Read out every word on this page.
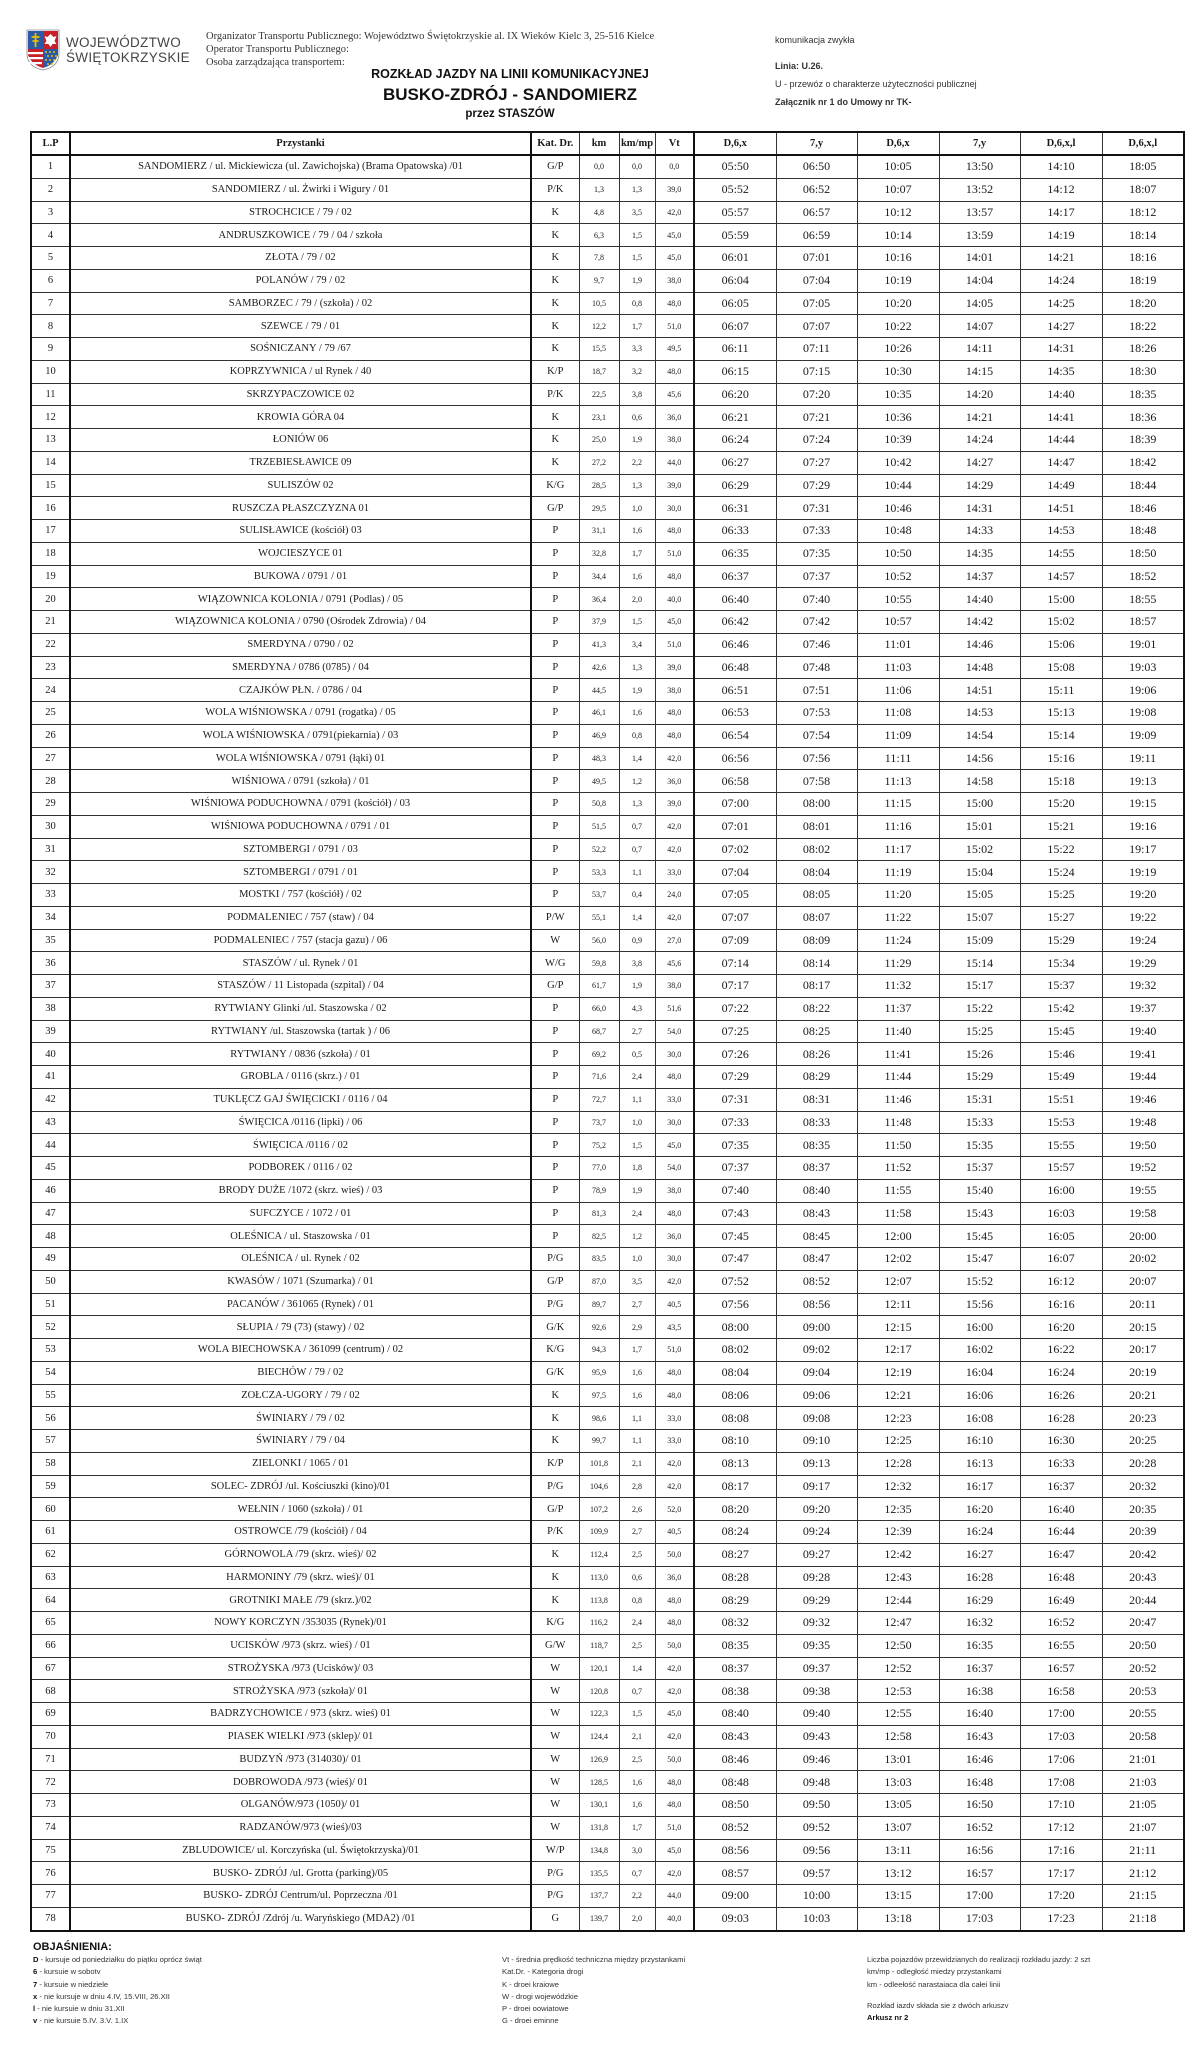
WOJEWÓDZTWO
ŚWIĘTOKRZYSKIE
Organizator Transportu Publicznego: Województwo Świętokrzyskie al. IX Wieków Kielc 3, 25-516 Kielce
Operator Transportu Publicznego:
Osoba zarządzająca transportem:
ROZKŁAD JAZDY NA LINII KOMUNIKACYJNEJ
BUSKO-ZDRÓJ - SANDOMIERZ
przez STASZÓW
komunikacja zwykła
Linia: U.26.
U - przewóz o charakterze użyteczności publicznej
Załącznik nr 1 do Umowy nr TK-
L.P	Przystanki	Kat. Dr.	km	km/mp	Vt	D,6,x	7,y	D,6,x	7,y	D,6,x,l	D,6,x,l
1	SANDOMIERZ / ul. Mickiewicza (ul. Zawichojska) (Brama Opatowska) /01	G/P	0,0	0,0	0,0	05:50	06:50	10:05	13:50	14:10	18:05
2	SANDOMIERZ / ul. Żwirki i Wigury / 01	P/K	1,3	1,3	39,0	05:52	06:52	10:07	13:52	14:12	18:07
3	STROCHCICE / 79 / 02	K	4,8	3,5	42,0	05:57	06:57	10:12	13:57	14:17	18:12
4	ANDRUSZKOWICE / 79 / 04 / szkoła	K	6,3	1,5	45,0	05:59	06:59	10:14	13:59	14:19	18:14
5	ZŁOTA / 79 / 02	K	7,8	1,5	45,0	06:01	07:01	10:16	14:01	14:21	18:16
6	POLANÓW / 79 / 02	K	9,7	1,9	38,0	06:04	07:04	10:19	14:04	14:24	18:19
7	SAMBORZEC / 79 / (szkoła) / 02	K	10,5	0,8	48,0	06:05	07:05	10:20	14:05	14:25	18:20
8	SZEWCE / 79 / 01	K	12,2	1,7	51,0	06:07	07:07	10:22	14:07	14:27	18:22
9	SOŚNICZANY / 79 /67	K	15,5	3,3	49,5	06:11	07:11	10:26	14:11	14:31	18:26
10	KOPRZYWNICA / ul Rynek / 40	K/P	18,7	3,2	48,0	06:15	07:15	10:30	14:15	14:35	18:30
11	SKRZYPACZOWICE 02	P/K	22,5	3,8	45,6	06:20	07:20	10:35	14:20	14:40	18:35
12	KROWIA GÓRA 04	K	23,1	0,6	36,0	06:21	07:21	10:36	14:21	14:41	18:36
13	ŁONIÓW 06	K	25,0	1,9	38,0	06:24	07:24	10:39	14:24	14:44	18:39
14	TRZEBIESŁAWICE 09	K	27,2	2,2	44,0	06:27	07:27	10:42	14:27	14:47	18:42
15	SULISZÓW 02	K/G	28,5	1,3	39,0	06:29	07:29	10:44	14:29	14:49	18:44
16	RUSZCZA PŁASZCZYZNA 01	G/P	29,5	1,0	30,0	06:31	07:31	10:46	14:31	14:51	18:46
17	SULISŁAWICE (kościół) 03	P	31,1	1,6	48,0	06:33	07:33	10:48	14:33	14:53	18:48
18	WOJCIESZYCE 01	P	32,8	1,7	51,0	06:35	07:35	10:50	14:35	14:55	18:50
19	BUKOWA / 0791 / 01	P	34,4	1,6	48,0	06:37	07:37	10:52	14:37	14:57	18:52
20	WIĄZOWNICA KOLONIA / 0791 (Podlas) / 05	P	36,4	2,0	40,0	06:40	07:40	10:55	14:40	15:00	18:55
21	WIĄZOWNICA KOLONIA / 0790 (Ośrodek Zdrowia) / 04	P	37,9	1,5	45,0	06:42	07:42	10:57	14:42	15:02	18:57
22	SMERDYNA / 0790 / 02	P	41,3	3,4	51,0	06:46	07:46	11:01	14:46	15:06	19:01
23	SMERDYNA / 0786 (0785) / 04	P	42,6	1,3	39,0	06:48	07:48	11:03	14:48	15:08	19:03
24	CZAJKÓW PŁN. / 0786 / 04	P	44,5	1,9	38,0	06:51	07:51	11:06	14:51	15:11	19:06
25	WOLA WIŚNIOWSKA / 0791 (rogatka) / 05	P	46,1	1,6	48,0	06:53	07:53	11:08	14:53	15:13	19:08
26	WOLA WIŚNIOWSKA / 0791(piekarnia) / 03	P	46,9	0,8	48,0	06:54	07:54	11:09	14:54	15:14	19:09
27	WOLA WIŚNIOWSKA / 0791 (łąki) 01	P	48,3	1,4	42,0	06:56	07:56	11:11	14:56	15:16	19:11
28	WIŚNIOWA / 0791 (szkoła) / 01	P	49,5	1,2	36,0	06:58	07:58	11:13	14:58	15:18	19:13
29	WIŚNIOWA PODUCHOWNA / 0791 (kościół) / 03	P	50,8	1,3	39,0	07:00	08:00	11:15	15:00	15:20	19:15
30	WIŚNIOWA PODUCHOWNA / 0791 / 01	P	51,5	0,7	42,0	07:01	08:01	11:16	15:01	15:21	19:16
31	SZTOMBERGI / 0791 / 03	P	52,2	0,7	42,0	07:02	08:02	11:17	15:02	15:22	19:17
32	SZTOMBERGI / 0791 / 01	P	53,3	1,1	33,0	07:04	08:04	11:19	15:04	15:24	19:19
33	MOSTKI / 757 (kościół) / 02	P	53,7	0,4	24,0	07:05	08:05	11:20	15:05	15:25	19:20
34	PODMALENIEC / 757 (staw) / 04	P/W	55,1	1,4	42,0	07:07	08:07	11:22	15:07	15:27	19:22
35	PODMALENIEC / 757 (stacja gazu) / 06	W	56,0	0,9	27,0	07:09	08:09	11:24	15:09	15:29	19:24
36	STASZÓW / ul. Rynek / 01	W/G	59,8	3,8	45,6	07:14	08:14	11:29	15:14	15:34	19:29
37	STASZÓW / 11 Listopada (szpital) / 04	G/P	61,7	1,9	38,0	07:17	08:17	11:32	15:17	15:37	19:32
38	RYTWIANY Glinki /ul. Staszowska / 02	P	66,0	4,3	51,6	07:22	08:22	11:37	15:22	15:42	19:37
39	RYTWIANY /ul. Staszowska (tartak ) / 06	P	68,7	2,7	54,0	07:25	08:25	11:40	15:25	15:45	19:40
40	RYTWIANY / 0836 (szkoła) / 01	P	69,2	0,5	30,0	07:26	08:26	11:41	15:26	15:46	19:41
41	GROBLA / 0116 (skrz.) / 01	P	71,6	2,4	48,0	07:29	08:29	11:44	15:29	15:49	19:44
42	TUKLĘCZ GAJ ŚWIĘCICKI / 0116 / 04	P	72,7	1,1	33,0	07:31	08:31	11:46	15:31	15:51	19:46
43	ŚWIĘCICA /0116 (lipki) / 06	P	73,7	1,0	30,0	07:33	08:33	11:48	15:33	15:53	19:48
44	ŚWIĘCICA /0116 / 02	P	75,2	1,5	45,0	07:35	08:35	11:50	15:35	15:55	19:50
45	PODBOREK / 0116 / 02	P	77,0	1,8	54,0	07:37	08:37	11:52	15:37	15:57	19:52
46	BRODY DUŻE /1072 (skrz. wieś) / 03	P	78,9	1,9	38,0	07:40	08:40	11:55	15:40	16:00	19:55
47	SUFCZYCE / 1072 / 01	P	81,3	2,4	48,0	07:43	08:43	11:58	15:43	16:03	19:58
48	OLEŚNICA / ul. Staszowska / 01	P	82,5	1,2	36,0	07:45	08:45	12:00	15:45	16:05	20:00
49	OLEŚNICA / ul. Rynek / 02	P/G	83,5	1,0	30,0	07:47	08:47	12:02	15:47	16:07	20:02
50	KWASÓW / 1071 (Szumarka) / 01	G/P	87,0	3,5	42,0	07:52	08:52	12:07	15:52	16:12	20:07
51	PACANÓW / 361065 (Rynek) / 01	P/G	89,7	2,7	40,5	07:56	08:56	12:11	15:56	16:16	20:11
52	SŁUPIA / 79 (73) (stawy) / 02	G/K	92,6	2,9	43,5	08:00	09:00	12:15	16:00	16:20	20:15
53	WOLA BIECHOWSKA / 361099 (centrum) / 02	K/G	94,3	1,7	51,0	08:02	09:02	12:17	16:02	16:22	20:17
54	BIECHÓW / 79 / 02	G/K	95,9	1,6	48,0	08:04	09:04	12:19	16:04	16:24	20:19
55	ZOŁCZA-UGORY / 79 / 02	K	97,5	1,6	48,0	08:06	09:06	12:21	16:06	16:26	20:21
56	ŚWINIARY / 79 / 02	K	98,6	1,1	33,0	08:08	09:08	12:23	16:08	16:28	20:23
57	ŚWINIARY / 79 / 04	K	99,7	1,1	33,0	08:10	09:10	12:25	16:10	16:30	20:25
58	ZIELONKI / 1065 / 01	K/P	101,8	2,1	42,0	08:13	09:13	12:28	16:13	16:33	20:28
59	SOLEC- ZDRÓJ /ul. Kościuszki (kino)/01	P/G	104,6	2,8	42,0	08:17	09:17	12:32	16:17	16:37	20:32
60	WEŁNIN / 1060 (szkoła) / 01	G/P	107,2	2,6	52,0	08:20	09:20	12:35	16:20	16:40	20:35
61	OSTROWCE /79 (kościół) / 04	P/K	109,9	2,7	40,5	08:24	09:24	12:39	16:24	16:44	20:39
62	GÓRNOWOLA /79 (skrz. wieś)/ 02	K	112,4	2,5	50,0	08:27	09:27	12:42	16:27	16:47	20:42
63	HARMONINY /79 (skrz. wieś)/ 01	K	113,0	0,6	36,0	08:28	09:28	12:43	16:28	16:48	20:43
64	GROTNIKI MAŁE /79 (skrz.)/02	K	113,8	0,8	48,0	08:29	09:29	12:44	16:29	16:49	20:44
65	NOWY KORCZYN /353035 (Rynek)/01	K/G	116,2	2,4	48,0	08:32	09:32	12:47	16:32	16:52	20:47
66	UCISKÓW /973 (skrz. wieś) / 01	G/W	118,7	2,5	50,0	08:35	09:35	12:50	16:35	16:55	20:50
67	STROŻYSKA /973 (Ucisków)/ 03	W	120,1	1,4	42,0	08:37	09:37	12:52	16:37	16:57	20:52
68	STROŻYSKA /973 (szkoła)/ 01	W	120,8	0,7	42,0	08:38	09:38	12:53	16:38	16:58	20:53
69	BADRZYCHOWICE / 973 (skrz. wieś) 01	W	122,3	1,5	45,0	08:40	09:40	12:55	16:40	17:00	20:55
70	PIASEK WIELKI /973 (sklep)/ 01	W	124,4	2,1	42,0	08:43	09:43	12:58	16:43	17:03	20:58
71	BUDZYŃ /973 (314030)/ 01	W	126,9	2,5	50,0	08:46	09:46	13:01	16:46	17:06	21:01
72	DOBROWODA /973 (wieś)/ 01	W	128,5	1,6	48,0	08:48	09:48	13:03	16:48	17:08	21:03
73	OLGANÓW/973 (1050)/ 01	W	130,1	1,6	48,0	08:50	09:50	13:05	16:50	17:10	21:05
74	RADZANÓW/973 (wieś)/03	W	131,8	1,7	51,0	08:52	09:52	13:07	16:52	17:12	21:07
75	ZBLUDOWICE/ ul. Korczyńska (ul. Świętokrzyska)/01	W/P	134,8	3,0	45,0	08:56	09:56	13:11	16:56	17:16	21:11
76	BUSKO- ZDRÓJ /ul. Grotta (parking)/05	P/G	135,5	0,7	42,0	08:57	09:57	13:12	16:57	17:17	21:12
77	BUSKO- ZDRÓJ Centrum/ul. Poprzeczna /01	P/G	137,7	2,2	44,0	09:00	10:00	13:15	17:00	17:20	21:15
78	BUSKO- ZDRÓJ /Zdrój /u. Waryńskiego (MDA2) /01	G	139,7	2,0	40,0	09:03	10:03	13:18	17:03	17:23	21:18
OBJAŚNIENIA:
D - kursuje od poniedziałku do piątku oprócz świąt
6 - kursuie w sobotv
7 - kursuie w niedziele
x - nie kursuje w dniu 4.IV, 15.VIII, 26.XII
l - nie kursuie w dniu 31.XII
v - nie kursuie 5.IV. 3.V. 1.IX
Vt - średnia prędkość techniczna między przystankami
Kat.Dr. - Kategoria drogi
K - droei kraiowe
W - drogi wojewódzkie
P - droei oowiatowe
G - droei eminne
Liczba pojazdów przewidzianych do realizacji rozkładu jazdy: 2 szt
km/mp - odległość miedzy przystankami
km - odleełość narastaiaca dla całei linii
Rozkład iazdv składa sie z dwóch arkuszv
Arkusz nr 2
